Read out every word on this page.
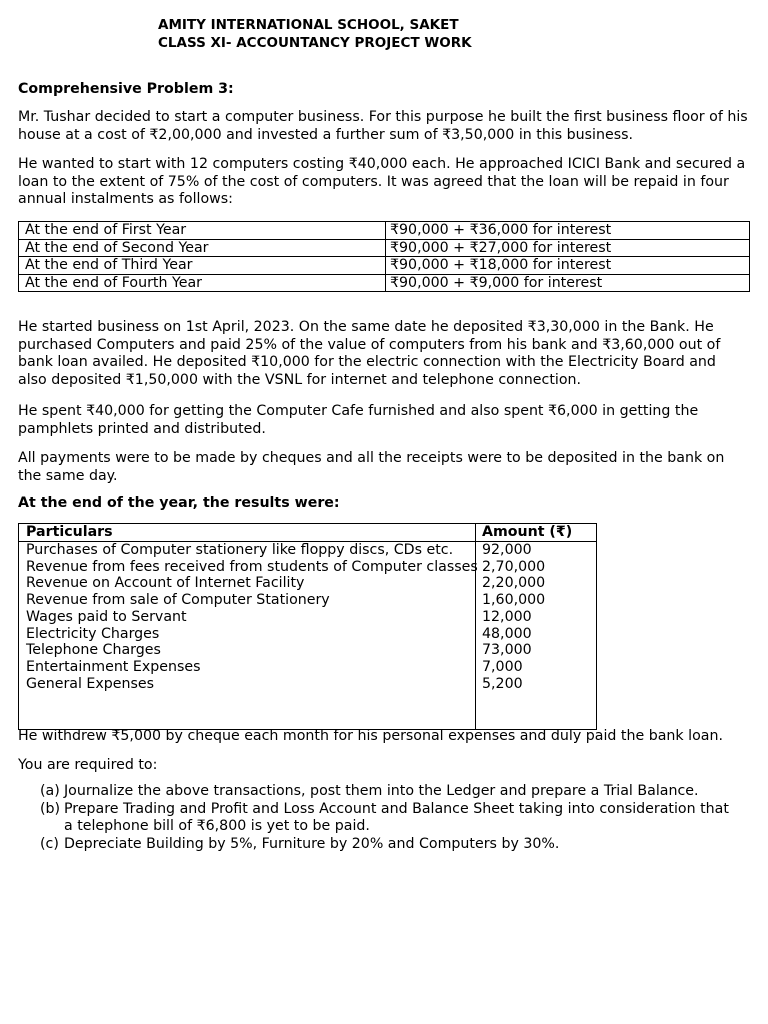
AMITY INTERNATIONAL SCHOOL, SAKET
CLASS XI- ACCOUNTANCY PROJECT WORK
Comprehensive Problem 3:

Mr. Tushar decided to start a computer business. For this purpose he built the first business floor of his house at a cost of ₹2,00,000 and invested a further sum of ₹3,50,000 in this business.

He wanted to start with 12 computers costing ₹40,000 each. He approached ICICI Bank and secured a loan to the extent of 75% of the cost of computers. It was agreed that the loan will be repaid in four annual instalments as follows:

At the end of First Year	₹90,000 + ₹36,000 for interest
At the end of Second Year	₹90,000 + ₹27,000 for interest
At the end of Third Year	₹90,000 + ₹18,000 for interest
At the end of Fourth Year	₹90,000 + ₹9,000 for interest

He started business on 1st April, 2023. On the same date he deposited ₹3,30,000 in the Bank. He purchased Computers and paid 25% of the value of computers from his bank and ₹3,60,000 out of bank loan availed. He deposited ₹10,000 for the electric connection with the Electricity Board and also deposited ₹1,50,000 with the VSNL for internet and telephone connection.

He spent ₹40,000 for getting the Computer Cafe furnished and also spent ₹6,000 in getting the pamphlets printed and distributed.

All payments were to be made by cheques and all the receipts were to be deposited in the bank on the same day.

At the end of the year, the results were:

Particulars	Amount (₹)
Purchases of Computer stationery like floppy discs, CDs etc. 92,000
Revenue from fees received from students of Computer classes 2,70,000
Revenue on Account of Internet Facility	2,20,000
Revenue from sale of Computer Stationery	1,60,000
Wages paid to Servant	12,000
Electricity Charges	48,000
Telephone Charges	73,000
Entertainment Expenses	7,000
General Expenses	5,200

He withdrew ₹5,000 by cheque each month for his personal expenses and duly paid the bank loan.

You are required to:

(a) Journalize the above transactions, post them into the Ledger and prepare a Trial Balance.
(b) Prepare Trading and Profit and Loss Account and Balance Sheet taking into consideration that a telephone bill of ₹6,800 is yet to be paid.
(c) Depreciate Building by 5%, Furniture by 20% and Computers by 30%.
